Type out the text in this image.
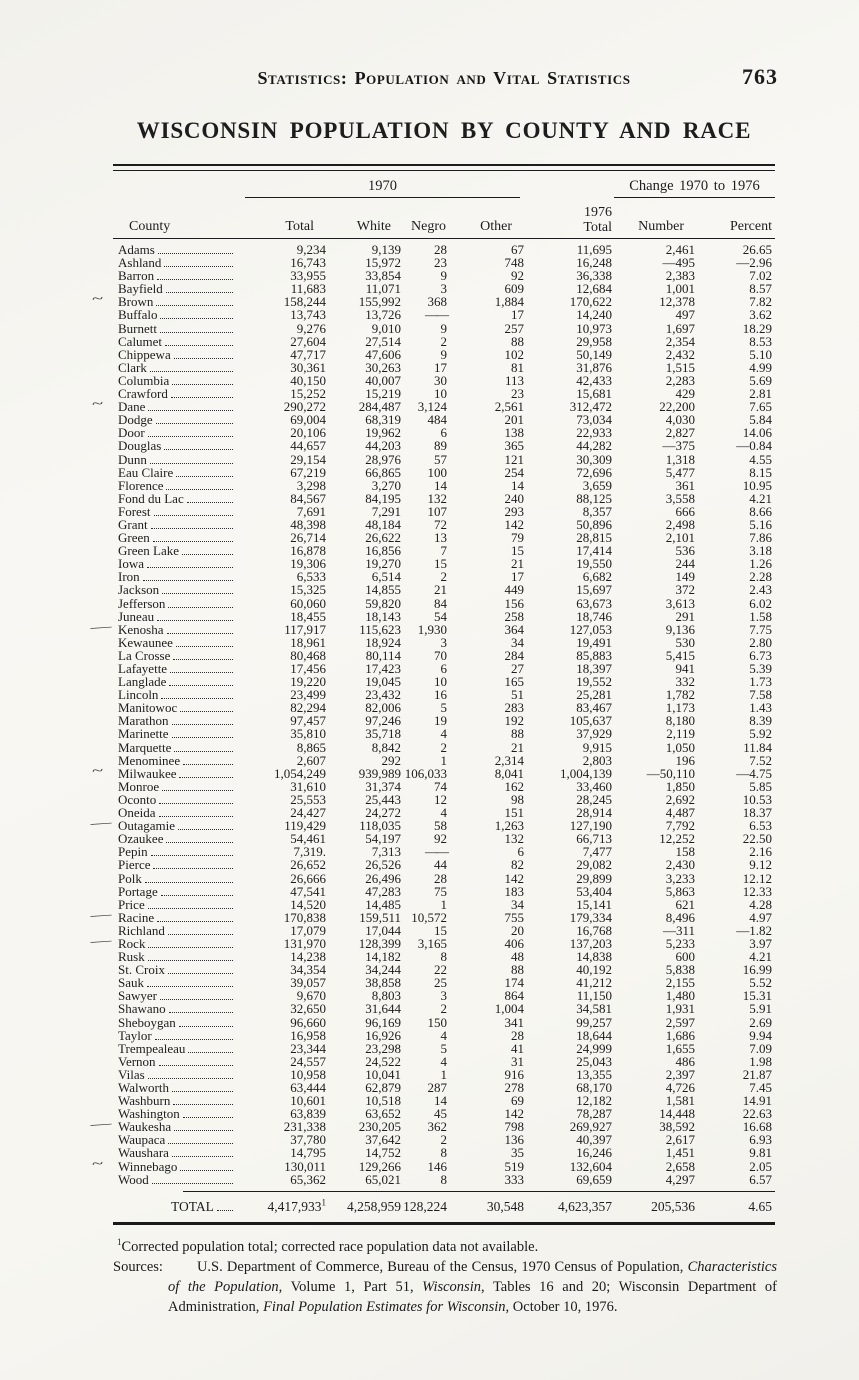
Statistics: Population and Vital Statistics	763
WISCONSIN POPULATION BY COUNTY AND RACE
1970	Change 1970 to 1976
County	Total	White	Negro	Other
1976
Total	Number	Percent
Adams	9,234	9,139	28	67	11,695	2,461	26.65
Ashland	16,743	15,972	23	748	16,248	—495	—2.96
Barron	33,955	33,854	9	92	36,338	2,383	7.02
Bayfield	11,683	11,071	3	609	12,684	1,001	8.57
~ Brown	158,244	155,992	368	1,884	170,622	12,378	7.82
Buffalo	13,743	13,726	——	17	14,240	497	3.62
Burnett	9,276	9,010	9	257	10,973	1,697	18.29
Calumet	27,604	27,514	2	88	29,958	2,354	8.53
Chippewa	47,717	47,606	9	102	50,149	2,432	5.10
Clark	30,361	30,263	17	81	31,876	1,515	4.99
Columbia	40,150	40,007	30	113	42,433	2,283	5.69
Crawford	15,252	15,219	10	23	15,681	429	2.81
~ Dane	290,272	284,487	3,124	2,561	312,472	22,200	7.65
Dodge	69,004	68,319	484	201	73,034	4,030	5.84
Door	20,106	19,962	6	138	22,933	2,827	14.06
Douglas	44,657	44,203	89	365	44,282	—375	—0.84
Dunn	29,154	28,976	57	121	30,309	1,318	4.55
Eau Claire	67,219	66,865	100	254	72,696	5,477	8.15
Florence	3,298	3,270	14	14	3,659	361	10.95
Fond du Lac	84,567	84,195	132	240	88,125	3,558	4.21
Forest	7,691	7,291	107	293	8,357	666	8.66
Grant	48,398	48,184	72	142	50,896	2,498	5.16
Green	26,714	26,622	13	79	28,815	2,101	7.86
Green Lake	16,878	16,856	7	15	17,414	536	3.18
Iowa	19,306	19,270	15	21	19,550	244	1.26
Iron	6,533	6,514	2	17	6,682	149	2.28
Jackson	15,325	14,855	21	449	15,697	372	2.43
Jefferson	60,060	59,820	84	156	63,673	3,613	6.02
Juneau	18,455	18,143	54	258	18,746	291	1.58
— Kenosha	117,917	115,623	1,930	364	127,053	9,136	7.75
Kewaunee	18,961	18,924	3	34	19,491	530	2.80
La Crosse	80,468	80,114	70	284	85,883	5,415	6.73
Lafayette	17,456	17,423	6	27	18,397	941	5.39
Langlade	19,220	19,045	10	165	19,552	332	1.73
Lincoln	23,499	23,432	16	51	25,281	1,782	7.58
Manitowoc	82,294	82,006	5	283	83,467	1,173	1.43
Marathon	97,457	97,246	19	192	105,637	8,180	8.39
Marinette	35,810	35,718	4	88	37,929	2,119	5.92
Marquette	8,865	8,842	2	21	9,915	1,050	11.84
Menominee	2,607	292	1	2,314	2,803	196	7.52
~ Milwaukee	1,054,249	939,989 106,033	8,041	1,004,139	—50,110	—4.75
Monroe	31,610	31,374	74	162	33,460	1,850	5.85
Oconto	25,553	25,443	12	98	28,245	2,692	10.53
Oneida	24,427	24,272	4	151	28,914	4,487	18.37
— Outagamie	119,429	118,035	58	1,263	127,190	7,792	6.53
Ozaukee	54,461	54,197	92	132	66,713	12,252	22.50
Pepin	7,319.	7,313	——	6	7,477	158	2.16
Pierce	26,652	26,526	44	82	29,082	2,430	9.12
Polk	26,666	26,496	28	142	29,899	3,233	12.12
Portage	47,541	47,283	75	183	53,404	5,863	12.33
Price	14,520	14,485	1	34	15,141	621	4.28
— Racine	170,838	159,511 10,572	755	179,334	8,496	4.97
Richland	17,079	17,044	15	20	16,768	—311	—1.82
— Rock	131,970	128,399	3,165	406	137,203	5,233	3.97
Rusk	14,238	14,182	8	48	14,838	600	4.21
St. Croix	34,354	34,244	22	88	40,192	5,838	16.99
Sauk	39,057	38,858	25	174	41,212	2,155	5.52
Sawyer	9,670	8,803	3	864	11,150	1,480	15.31
Shawano	32,650	31,644	2	1,004	34,581	1,931	5.91
Sheboygan	96,660	96,169	150	341	99,257	2,597	2.69
Taylor	16,958	16,926	4	28	18,644	1,686	9.94
Trempealeau	23,344	23,298	5	41	24,999	1,655	7.09
Vernon	24,557	24,522	4	31	25,043	486	1.98
Vilas	10,958	10,041	1	916	13,355	2,397	21.87
Walworth	63,444	62,879	287	278	68,170	4,726	7.45
Washburn	10,601	10,518	14	69	12,182	1,581	14.91
Washington	63,839	63,652	45	142	78,287	14,448	22.63
— Waukesha	231,338	230,205	362	798	269,927	38,592	16.68
Waupaca	37,780	37,642	2	136	40,397	2,617	6.93
Waushara	14,795	14,752	8	35	16,246	1,451	9.81
~ Winnebago	130,011	129,266	146	519	132,604	2,658	2.05
Wood	65,362	65,021	8	333	69,659	4,297	6.57
TOTAL	4,417,933$^1$	4,258,959 128,224	30,548	4,623,357	205,536	4.65
$^1$Corrected population total; corrected race population data not available.
Sources: U.S. Department of Commerce, Bureau of the Census, 1970 Census of Population, Characteristics of the Population, Volume 1, Part 51, Wisconsin, Tables 16 and 20; Wisconsin Department of Administration, Final Population Estimates for Wisconsin, October 10, 1976.
